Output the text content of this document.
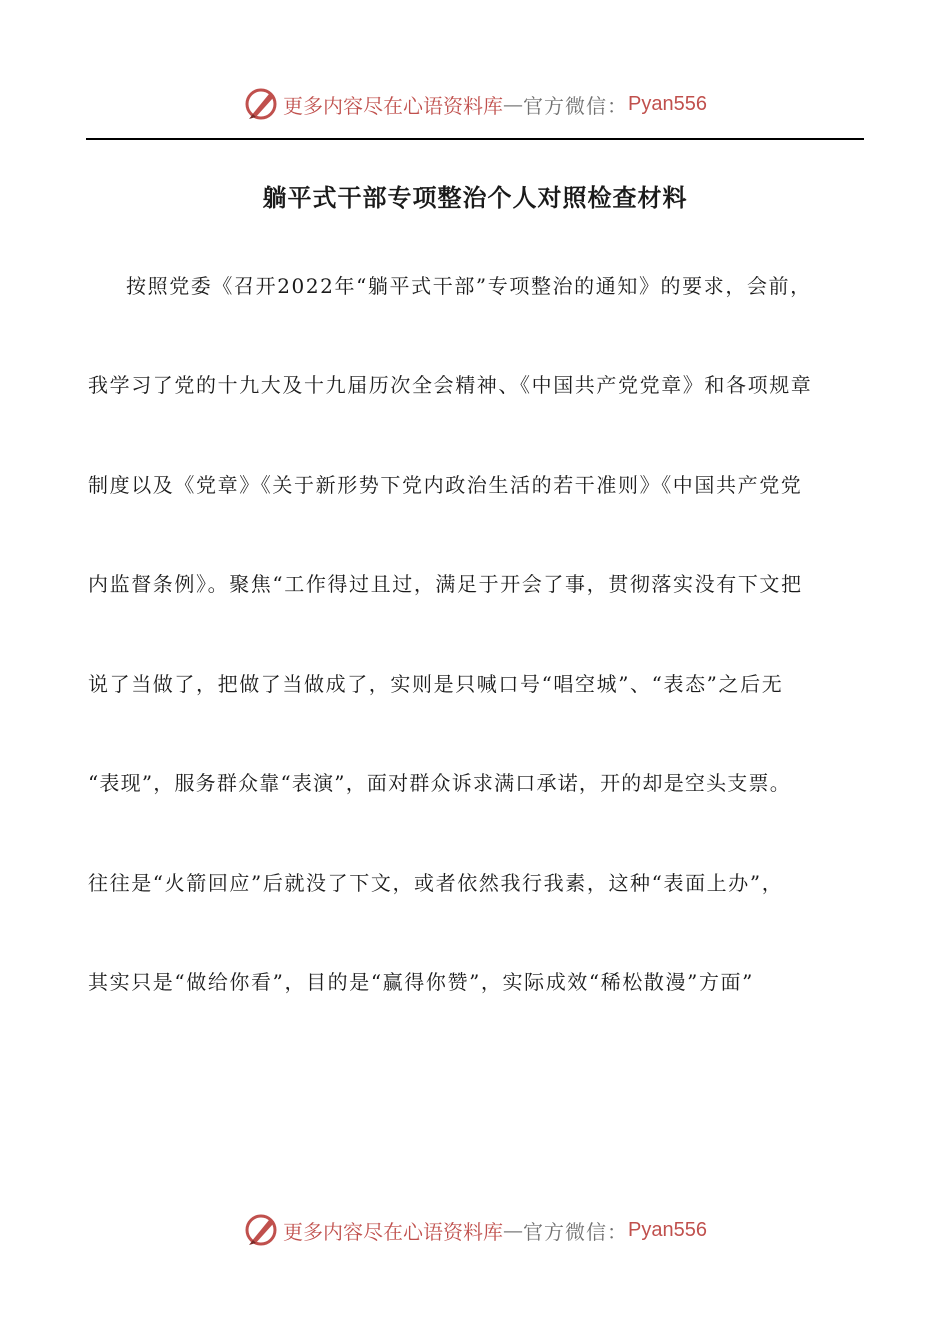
更多内容尽在心语资料库 — 官方微信： Pyan556
躺平式干部专项整治个人对照检查材料
按照党委《召开2022年“躺平式干部”专项整治的通知》的要求，会前，
我学习了党的十九大及十九届历次全会精神、《中国共产党党章》和各项规章
制度以及《党章》《关于新形势下党内政治生活的若干准则》《中国共产党党
内监督条例》。聚焦“工作得过且过，满足于开会了事，贯彻落实没有下文把
说了当做了，把做了当做成了，实则是只喊口号“唱空城”、“表态”之后无
“表现”，服务群众靠“表演”，面对群众诉求满口承诺，开的却是空头支票。
往往是“火箭回应”后就没了下文，或者依然我行我素，这种“表面上办”，
其实只是“做给你看”，目的是“赢得你赞”，实际成效“稀松散漫”方面”
更多内容尽在心语资料库 — 官方微信： Pyan556
